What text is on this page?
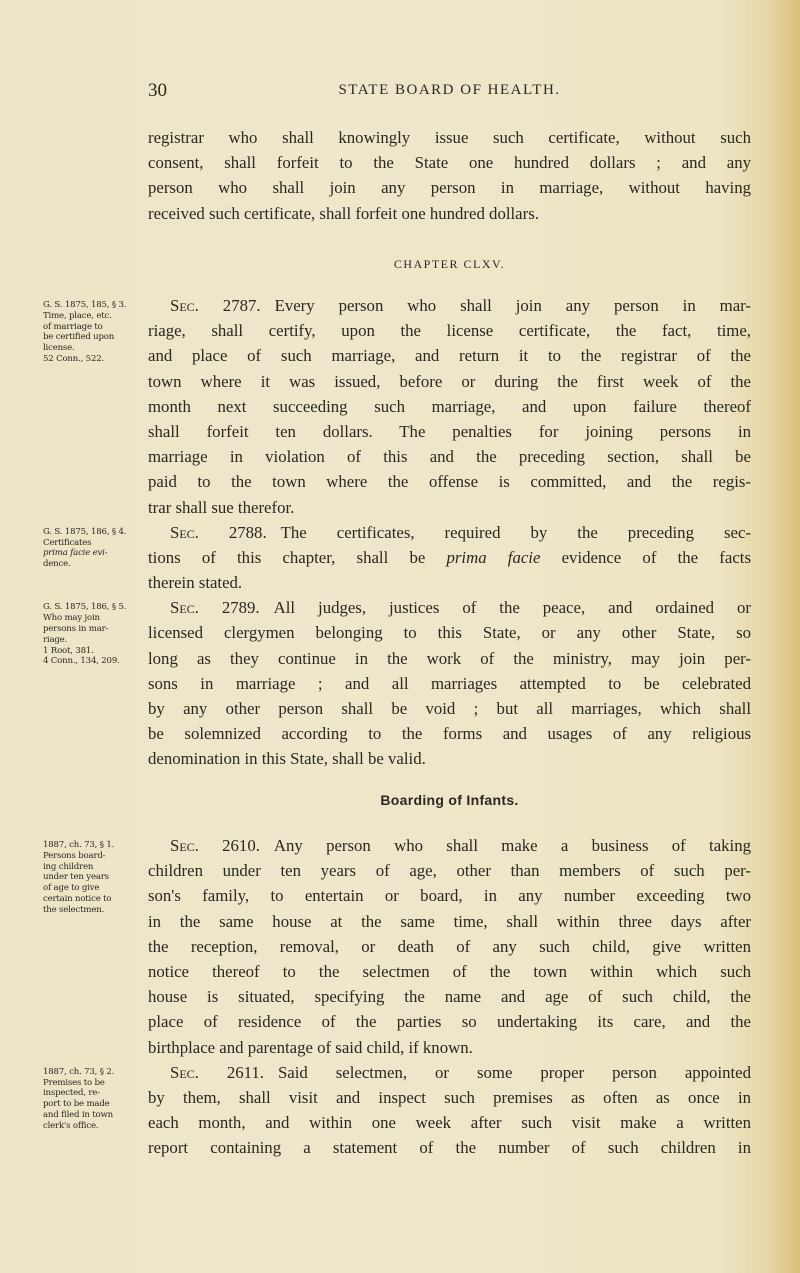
30	STATE BOARD OF HEALTH.
registrar who shall knowingly issue such certificate, without such
consent, shall forfeit to the State one hundred dollars ; and any
person who shall join any person in marriage, without having
received such certificate, shall forfeit one hundred dollars.
CHAPTER CLXV.
Sec. 2787. Every person who shall join any person in mar-
riage, shall certify, upon the license certificate, the fact, time,
and place of such marriage, and return it to the registrar of the
town where it was issued, before or during the first week of the
month next succeeding such marriage, and upon failure thereof
shall forfeit ten dollars. The penalties for joining persons in
marriage in violation of this and the preceding section, shall be
paid to the town where the offense is committed, and the regis-
trar shall sue therefor.
Sec. 2788. The certificates, required by the preceding sec-
tions of this chapter, shall be prima facie evidence of the facts
therein stated.
Sec. 2789. All judges, justices of the peace, and ordained or
licensed clergymen belonging to this State, or any other State, so
long as they continue in the work of the ministry, may join per-
sons in marriage ; and all marriages attempted to be celebrated
by any other person shall be void ; but all marriages, which shall
be solemnized according to the forms and usages of any religious
denomination in this State, shall be valid.
Boarding of Infants.
Sec. 2610. Any person who shall make a business of taking
children under ten years of age, other than members of such per-
son's family, to entertain or board, in any number exceeding two
in the same house at the same time, shall within three days after
the reception, removal, or death of any such child, give written
notice thereof to the selectmen of the town within which such
house is situated, specifying the name and age of such child, the
place of residence of the parties so undertaking its care, and the
birthplace and parentage of said child, if known.
Sec. 2611. Said selectmen, or some proper person appointed
by them, shall visit and inspect such premises as often as once in
each month, and within one week after such visit make a written
report containing a statement of the number of such children in
G. S. 1875, 185, § 3.
Time, place, etc.
of marriage to
be certified upon
license.
52 Conn., 522.
G. S. 1875, 186, § 4.
Certificates
prima facie evi-
dence.
G. S. 1875, 186, § 5.
Who may join
persons in mar-
riage.
1 Root, 381.
4 Conn., 134, 209.
1887, ch. 73, § 1.
Persons board-
ing children
under ten years
of age to give
certain notice to
the selectmen.
1887, ch. 73, § 2.
Premises to be
inspected, re-
port to be made
and filed in town
clerk's office.
